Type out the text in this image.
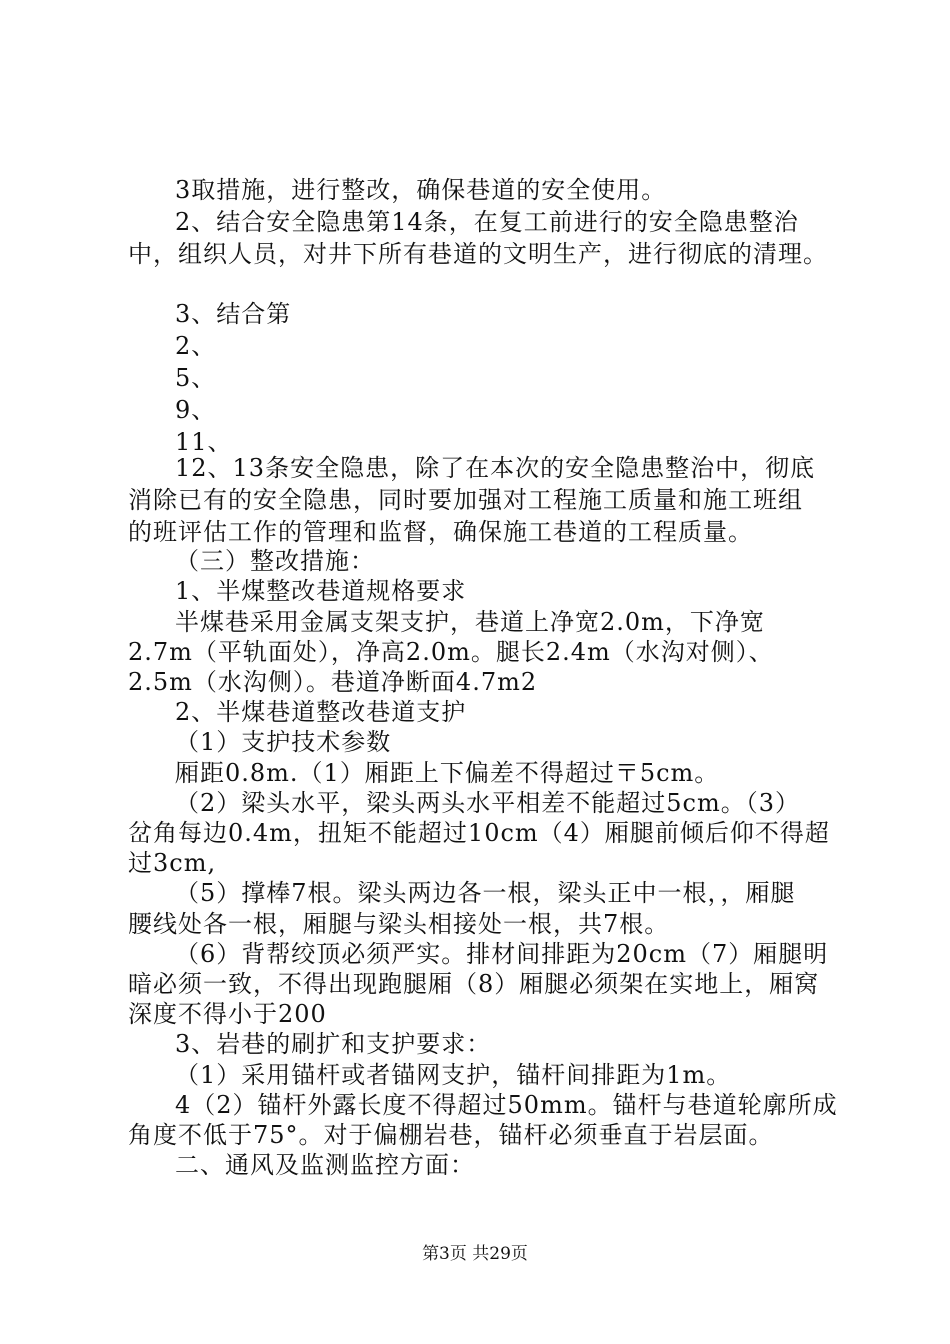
3取措施，进行整改，确保巷道的安全使用。
2、结合安全隐患第14条，在复工前进行的安全隐患整治
中，组织人员，对井下所有巷道的文明生产，进行彻底的清理。
3、结合第
2、
5、
9、
11、
12、13条安全隐患，除了在本次的安全隐患整治中，彻底
消除已有的安全隐患，同时要加强对工程施工质量和施工班组
的班评估工作的管理和监督，确保施工巷道的工程质量。
（三）整改措施：
1、半煤整改巷道规格要求
半煤巷采用金属支架支护，巷道上净宽2.0m，下净宽
2.7m（平轨面处），净高2.0m。腿长2.4m（水沟对侧）、
2.5m（水沟侧）。巷道净断面4.7m2
2、半煤巷道整改巷道支护
（1）支护技术参数
厢距0.8m.（1）厢距上下偏差不得超过〒5cm。
（2）梁头水平，梁头两头水平相差不能超过5cm。（3）
岔角每边0.4m，扭矩不能超过10cm（4）厢腿前倾后仰不得超
过3cm,
（5）撑棒7根。梁头两边各一根，梁头正中一根，，厢腿
腰线处各一根，厢腿与梁头相接处一根，共7根。
（6）背帮绞顶必须严实。排材间排距为20cm（7）厢腿明
暗必须一致，不得出现跑腿厢（8）厢腿必须架在实地上，厢窝
深度不得小于200
3、岩巷的刷扩和支护要求：
（1）采用锚杆或者锚网支护，锚杆间排距为1m。
4（2）锚杆外露长度不得超过50mm。锚杆与巷道轮廓所成
角度不低于75°。对于偏棚岩巷，锚杆必须垂直于岩层面。
二、通风及监测监控方面：
第3页 共29页
